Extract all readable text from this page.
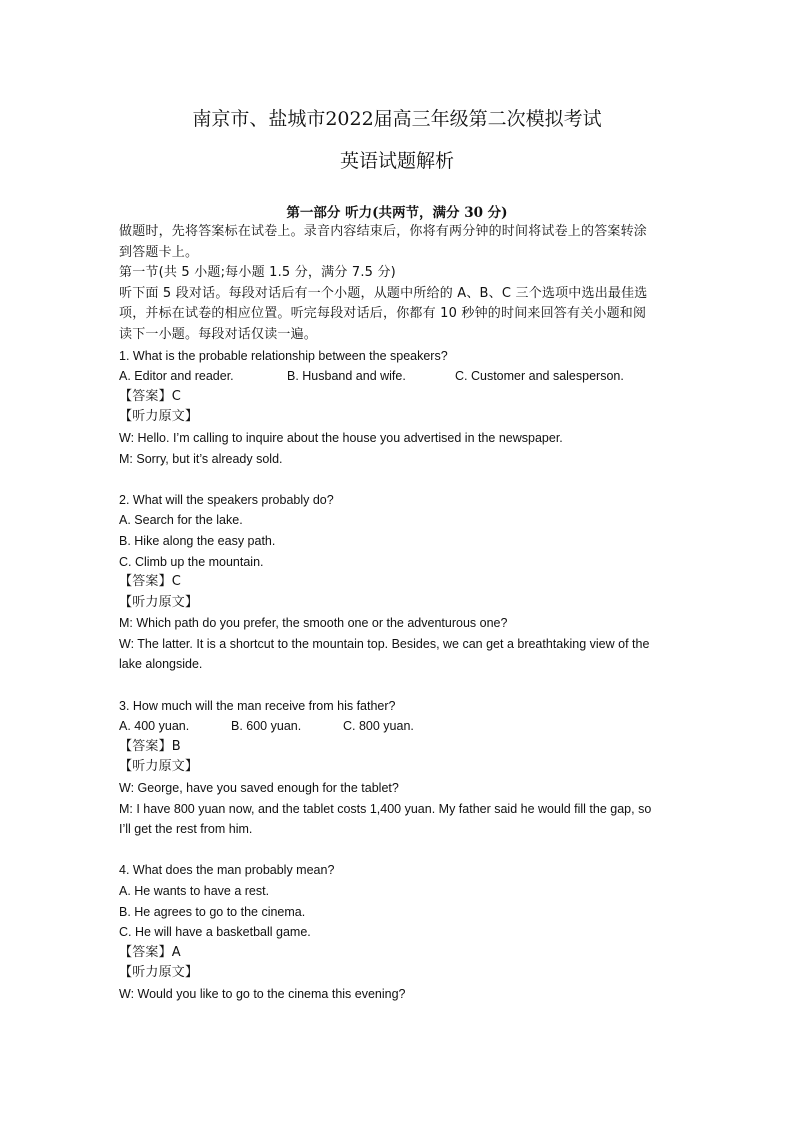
南京市、盐城市2022届高三年级第二次模拟考试
英语试题解析
第一部分 听力(共两节，满分 30 分)
做题时，先将答案标在试卷上。录音内容结束后，你将有两分钟的时间将试卷上的答案转涂
到答题卡上。
第一节(共 5 小题;每小题 1.5 分，满分 7.5 分)
听下面 5 段对话。每段对话后有一个小题，从题中所给的 A、B、C 三个选项中选出最佳选
项，并标在试卷的相应位置。听完每段对话后，你都有 10 秒钟的时间来回答有关小题和阅
读下一小题。每段对话仅读一遍。
1. What is the probable relationship between the speakers?
A. Editor and reader.	B. Husband and wife.	C. Customer and salesperson.
【答案】C
【听力原文】
W: Hello. I’m calling to inquire about the house you advertised in the newspaper.
M: Sorry, but it’s already sold.
2. What will the speakers probably do?
A. Search for the lake.
B. Hike along the easy path.
C. Climb up the mountain.
【答案】C
【听力原文】
M: Which path do you prefer, the smooth one or the adventurous one?
W: The latter. It is a shortcut to the mountain top. Besides, we can get a breathtaking view of the
lake alongside.
3. How much will the man receive from his father?
A. 400 yuan.	B. 600 yuan.	C. 800 yuan.
【答案】B
【听力原文】
W: George, have you saved enough for the tablet?
M: I have 800 yuan now, and the tablet costs 1,400 yuan. My father said he would fill the gap, so
I’ll get the rest from him.
4. What does the man probably mean?
A. He wants to have a rest.
B. He agrees to go to the cinema.
C. He will have a basketball game.
【答案】A
【听力原文】
W: Would you like to go to the cinema this evening?
